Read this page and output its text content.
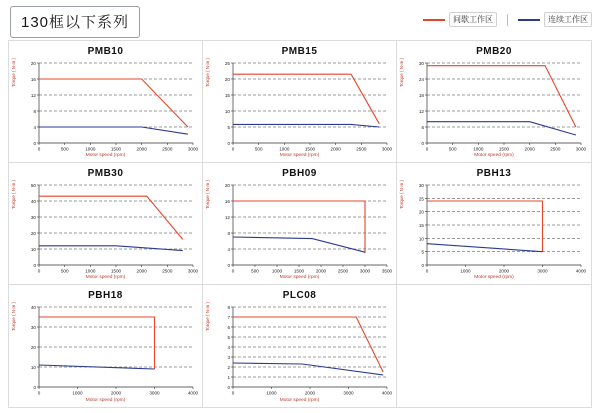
130框以下系列	间歇工作区	连续工作区
PMB10
Torque ( N·m )
Motor speed (rpm)
0
4
8
12
16
20
0	500	1000	1500	2000	2500	3000
PMB15
Torque ( N·m )
Motor speed (rpm)
0
5
10
15
20
25
0	500	1000	1500	2000	2500	3000
PMB20
Torque ( N·m )
Motor speed (rpm)
0
6
12
18
24
30
0	500	1000	1500	2000	2500	3000
PMB30
Torque ( N·m )
Motor speed (rpm)
0
10
20
30
40
50
0	500	1000	1500	2000	2500	3000
PBH09
Torque ( N·m )
Motor speed (rpm)
0
4
8
12
16
20
0	500	1000	1500	2000	2500	3000	3500
PBH13
Torque ( N·m )
Motor speed (rpm)
0
5
10
15
20
25
30
0	1000	2000	3000	4000
PBH18
Torque ( N·m )
Motor speed (rpm)
0
10
20
30
40
0	1000	2000	3000	4000
PLC08
Torque ( N·m )
Motor speed (rpm)
0
1
2
3
4
5
6
7
8
0	1000	2000	3000	4000
